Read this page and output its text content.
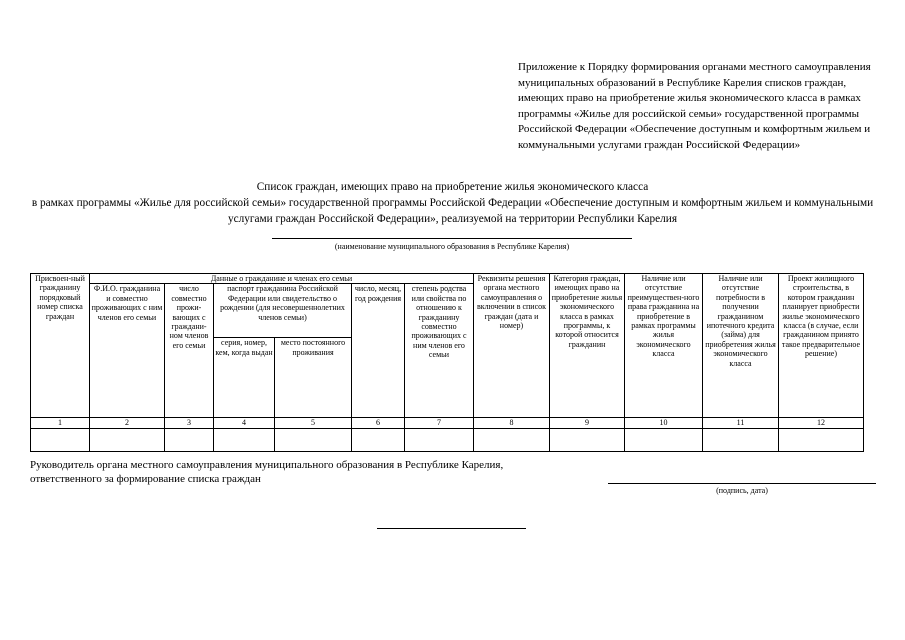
Приложение к Порядку формирования органами местного самоуправления муниципальных образований в Республике Карелия списков граждан, имеющих право на приобретение жилья экономического класса в рамках программы «Жилье для российской семьи» государственной программы Российской Федерации «Обеспечение доступным и комфортным жильем и коммунальными услугами граждан Российской Федерации»
Список граждан, имеющих право на приобретение жилья экономического класса
в рамках программы «Жилье для российской семьи» государственной программы Российской Федерации «Обеспечение доступным и комфортным жильем и коммунальными услугами граждан Российской Федерации», реализуемой на территории Республики Карелия
(наименование муниципального образования в Республике Карелия)
Присвоен-ный гражданину порядковый номер списка граждан	Данные о гражданине и членах его семьи						Реквизиты решения органа местного самоуправления о включении в список граждан (дата и номер)	Категория граждан, имеющих право на приобретение жилья экономического класса в рамках программы, к которой относится гражданин	Наличие или отсутствие преимуществен-ного права гражданина на приобретение в рамках программы жилья экономического класса	Наличие или отсутствие потребности в получении гражданином ипотечного кредита (займа) для приобретения жилья экономического класса	Проект жилищного строительства, в котором гражданин планирует приобрести жилье экономического класса (в случае, если гражданином принято такое предварительное решение)
	Ф.И.О. гражданина и совместно проживающих с ним членов его семьи	число совместно прожи-вающих с граждани-ном членов его семьи	паспорт гражданина Российской Федерации или свидетельство о рождении (для несовершеннолетних членов семьи)		число, месяц, год рождения	степень родства или свойства по отношению к гражданину совместно проживающих с ним членов его семьи					
			серия, номер, кем, когда выдан	место постоянного проживания							
1	2	3	4	5	6	7	8	9	10	11	12

Руководитель органа местного самоуправления муниципального образования в Республике Карелия,
ответственного за формирование списка граждан
(подпись, дата)
